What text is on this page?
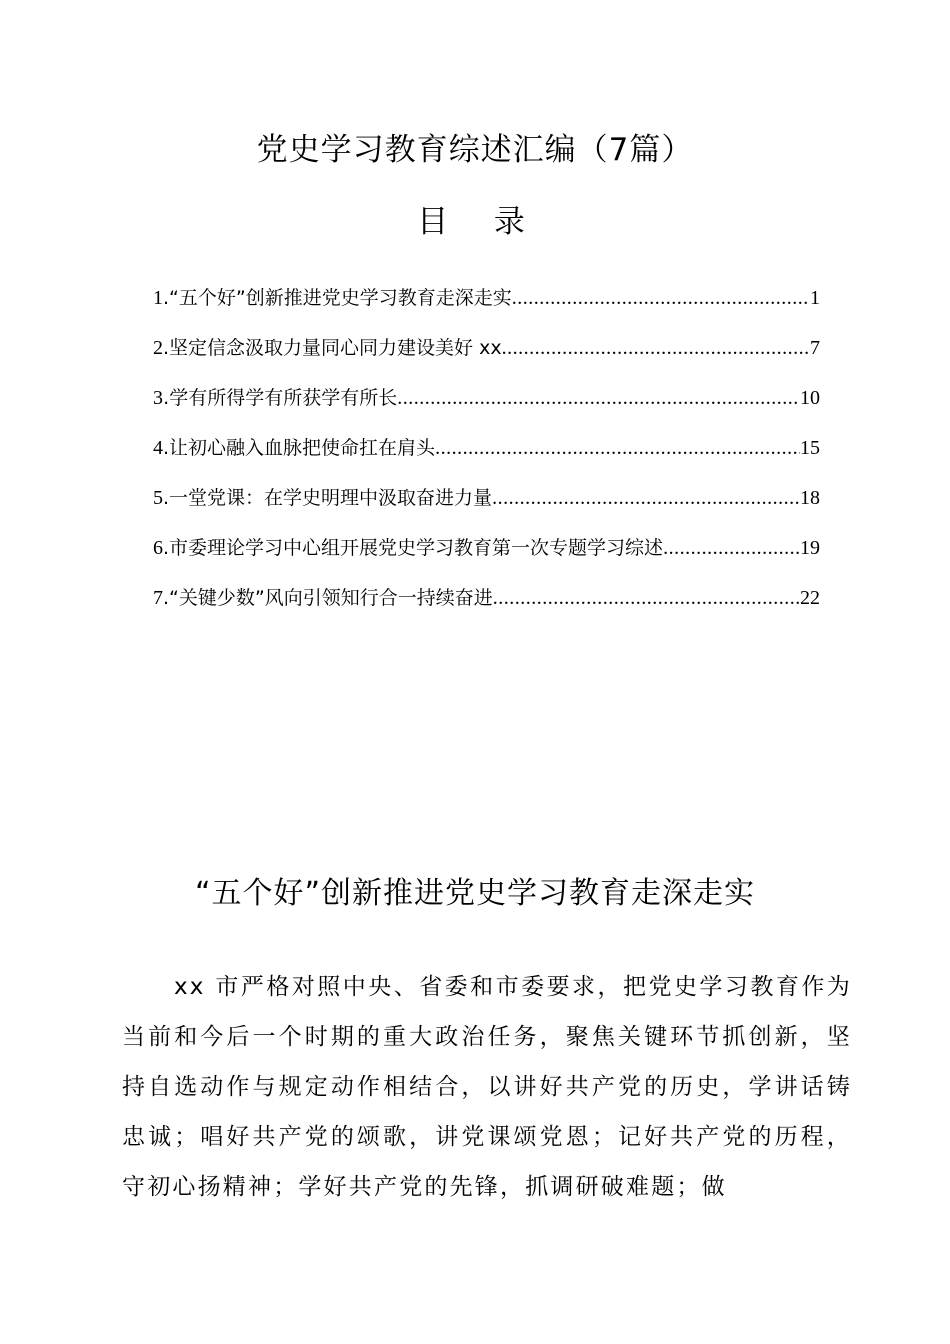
党史学习教育综述汇编（7篇）
目 录
1 . “五个好”创新推进党史学习教育走深走实 .....	1
2 . 坚定信念汲取力量同心同力建设美好 xx .....	7
3 . 学有所得学有所获学有所长 .....	10
4 . 让初心融入血脉把使命扛在肩头 .....	15
5 . 一堂党课：在学史明理中汲取奋进力量 .....	18
6 . 市委理论学习中心组开展党史学习教育第一次专题学习综述 .....	19
7 . “关键少数”风向引领知行合一持续奋进 .....	22
“五个好”创新推进党史学习教育走深走实

xx 市严格对照中央、省委和市委要求，把党史学习教育作为当前和今后一个时期的重大政治任务，聚焦关键环节抓创新，坚持自选动作与规定动作相结合，以讲好共产党的历史，学讲话铸忠诚；唱好共产党的颂歌，讲党课颂党恩；记好共产党的历程，守初心扬精神；学好共产党的先锋，抓调研破难题；做
